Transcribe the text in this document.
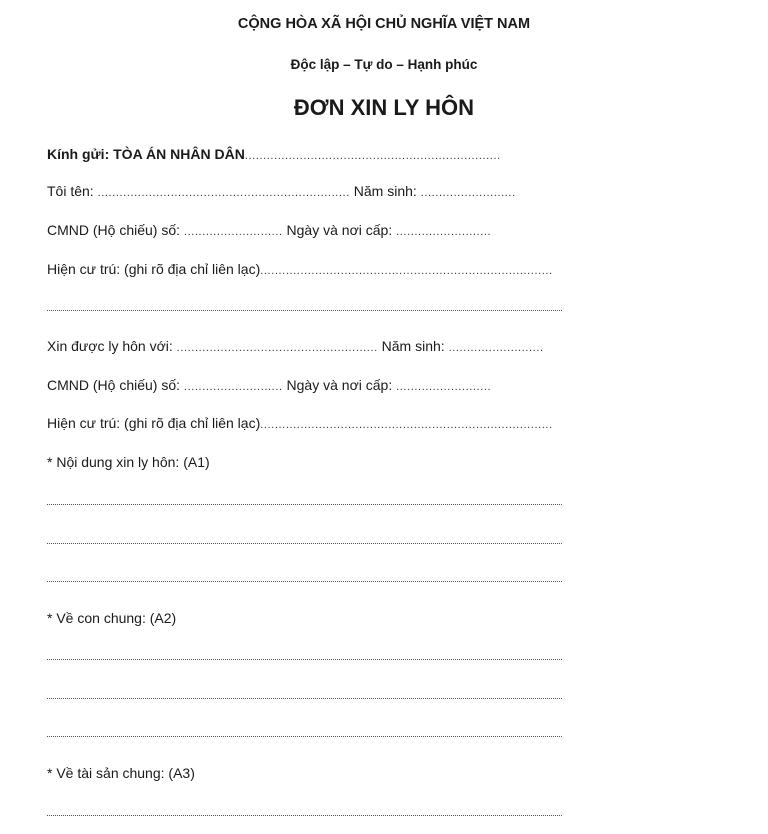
CỘNG HÒA XÃ HỘI CHỦ NGHĨA VIỆT NAM
Độc lập – Tự do – Hạnh phúc
ĐƠN XIN LY HÔN
Kính gửi: TÒA ÁN NHÂN DÂN......................................................................
Tôi tên: ..................................................................... Năm sinh: ..........................
CMND (Hộ chiếu) số: ........................... Ngày và nơi cấp: ..........................
Hiện cư trú: (ghi rõ địa chỉ liên lạc)................................................................................
Xin được ly hôn với: ....................................................... Năm sinh: ..........................
CMND (Hộ chiếu) số: ........................... Ngày và nơi cấp: ..........................
Hiện cư trú: (ghi rõ địa chỉ liên lạc)................................................................................
* Nội dung xin ly hôn: (A1)
* Về con chung: (A2)
* Về tài sản chung: (A3)
